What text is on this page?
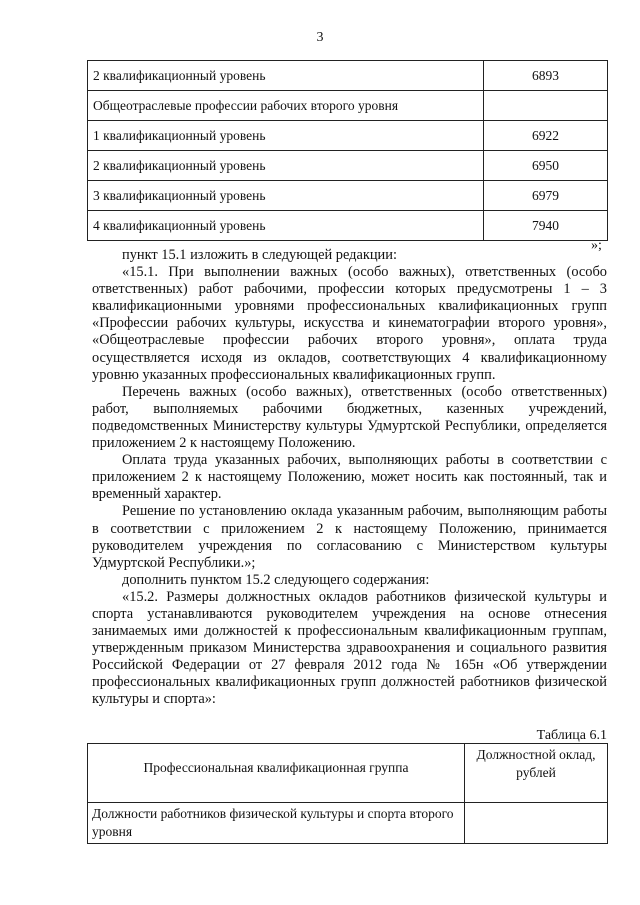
3
2 квалификационный уровень	6893
Общеотраслевые профессии рабочих второго уровня	
1 квалификационный уровень	6922
2 квалификационный уровень	6950
3 квалификационный уровень	6979
4 квалификационный уровень	7940
»;

пункт 15.1 изложить в следующей редакции:

«15.1. При выполнении важных (особо важных), ответственных (особо ответственных) работ рабочими, профессии которых предусмотрены 1 – 3 квалификационными уровнями профессиональных квалификационных групп «Профессии рабочих культуры, искусства и кинематографии второго уровня», «Общеотраслевые профессии рабочих второго уровня», оплата труда осуществляется исходя из окладов, соответствующих 4 квалификационному уровню указанных профессиональных квалификационных групп.

Перечень важных (особо важных), ответственных (особо ответственных) работ, выполняемых рабочими бюджетных, казенных учреждений, подведомственных Министерству культуры Удмуртской Республики, определяется приложением 2 к настоящему Положению.

Оплата труда указанных рабочих, выполняющих работы в соответствии с приложением 2 к настоящему Положению, может носить как постоянный, так и временный характер.

Решение по установлению оклада указанным рабочим, выполняющим работы в соответствии с приложением 2 к настоящему Положению, принимается руководителем учреждения по согласованию с Министерством культуры Удмуртской Республики.»;

дополнить пунктом 15.2 следующего содержания:

«15.2. Размеры должностных окладов работников физической культуры и спорта устанавливаются руководителем учреждения на основе отнесения занимаемых ими должностей к профессиональным квалификационным группам, утвержденным приказом Министерства здравоохранения и социального развития Российской Федерации от 27 февраля 2012 года № 165н «Об утверждении профессиональных квалификационных групп должностей работников физической культуры и спорта»:

Таблица 6.1
Профессиональная квалификационная группа	Должностной оклад, рублей
Должности работников физической культуры и спорта второго уровня	
